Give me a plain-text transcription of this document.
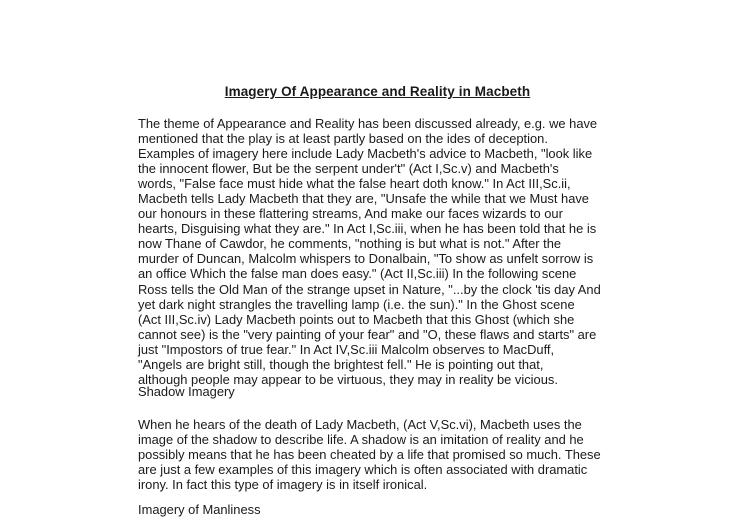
Imagery Of Appearance and Reality in Macbeth

The theme of Appearance and Reality has been discussed already, e.g. we have
mentioned that the play is at least partly based on the ides of deception.
Examples of imagery here include Lady Macbeth's advice to Macbeth, "look like
the innocent flower, But be the serpent under't" (Act I,Sc.v) and Macbeth's
words, "False face must hide what the false heart doth know." In Act III,Sc.ii,
Macbeth tells Lady Macbeth that they are, "Unsafe the while that we Must have
our honours in these flattering streams, And make our faces wizards to our
hearts, Disguising what they are." In Act I,Sc.iii, when he has been told that he is
now Thane of Cawdor, he comments, "nothing is but what is not." After the
murder of Duncan, Malcolm whispers to Donalbain, "To show as unfelt sorrow is
an office Which the false man does easy." (Act II,Sc.iii) In the following scene
Ross tells the Old Man of the strange upset in Nature, "...by the clock 'tis day And
yet dark night strangles the travelling lamp (i.e. the sun)." In the Ghost scene
(Act III,Sc.iv) Lady Macbeth points out to Macbeth that this Ghost (which she
cannot see) is the "very painting of your fear" and "O, these flaws and starts" are
just "Impostors of true fear." In Act IV,Sc.iii Malcolm observes to MacDuff,
"Angels are bright still, though the brightest fell." He is pointing out that,
although people may appear to be virtuous, they may in reality be vicious.

Shadow Imagery

When he hears of the death of Lady Macbeth, (Act V,Sc.vi), Macbeth uses the
image of the shadow to describe life. A shadow is an imitation of reality and he
possibly means that he has been cheated by a life that promised so much. These
are just a few examples of this imagery which is often associated with dramatic
irony. In fact this type of imagery is in itself ironical.

Imagery of Manliness
